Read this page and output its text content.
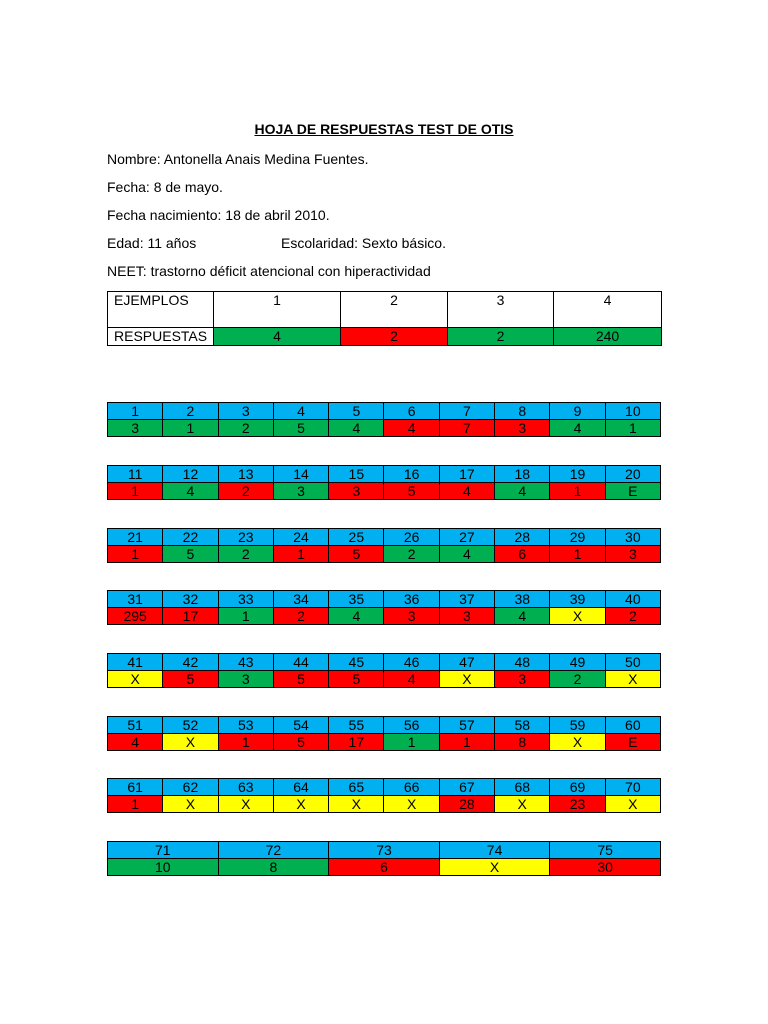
HOJA DE RESPUESTAS TEST DE OTIS
Nombre: Antonella Anais Medina Fuentes.
Fecha: 8 de mayo.
Fecha nacimiento: 18 de abril 2010.
Edad: 11 años	Escolaridad: Sexto básico.
NEET: trastorno déficit atencional con hiperactividad
EJEMPLOS	1	2	3	4
RESPUESTAS	4	2	2	240
1	2	3	4	5	6	7	8	9	10
3	1	2	5	4	4	7	3	4	1
11	12	13	14	15	16	17	18	19	20
1	4	2	3	3	5	4	4	1	E
21	22	23	24	25	26	27	28	29	30
1	5	2	1	5	2	4	6	1	3
31	32	33	34	35	36	37	38	39	40
295	17	1	2	4	3	3	4	X	2
41	42	43	44	45	46	47	48	49	50
X	5	3	5	5	4	X	3	2	X
51	52	53	54	55	56	57	58	59	60
4	X	1	5	17	1	1	8	X	E
61	62	63	64	65	66	67	68	69	70
1	X	X	X	X	X	28	X	23	X
71	72	73	74	75
10	8	6	X	30
